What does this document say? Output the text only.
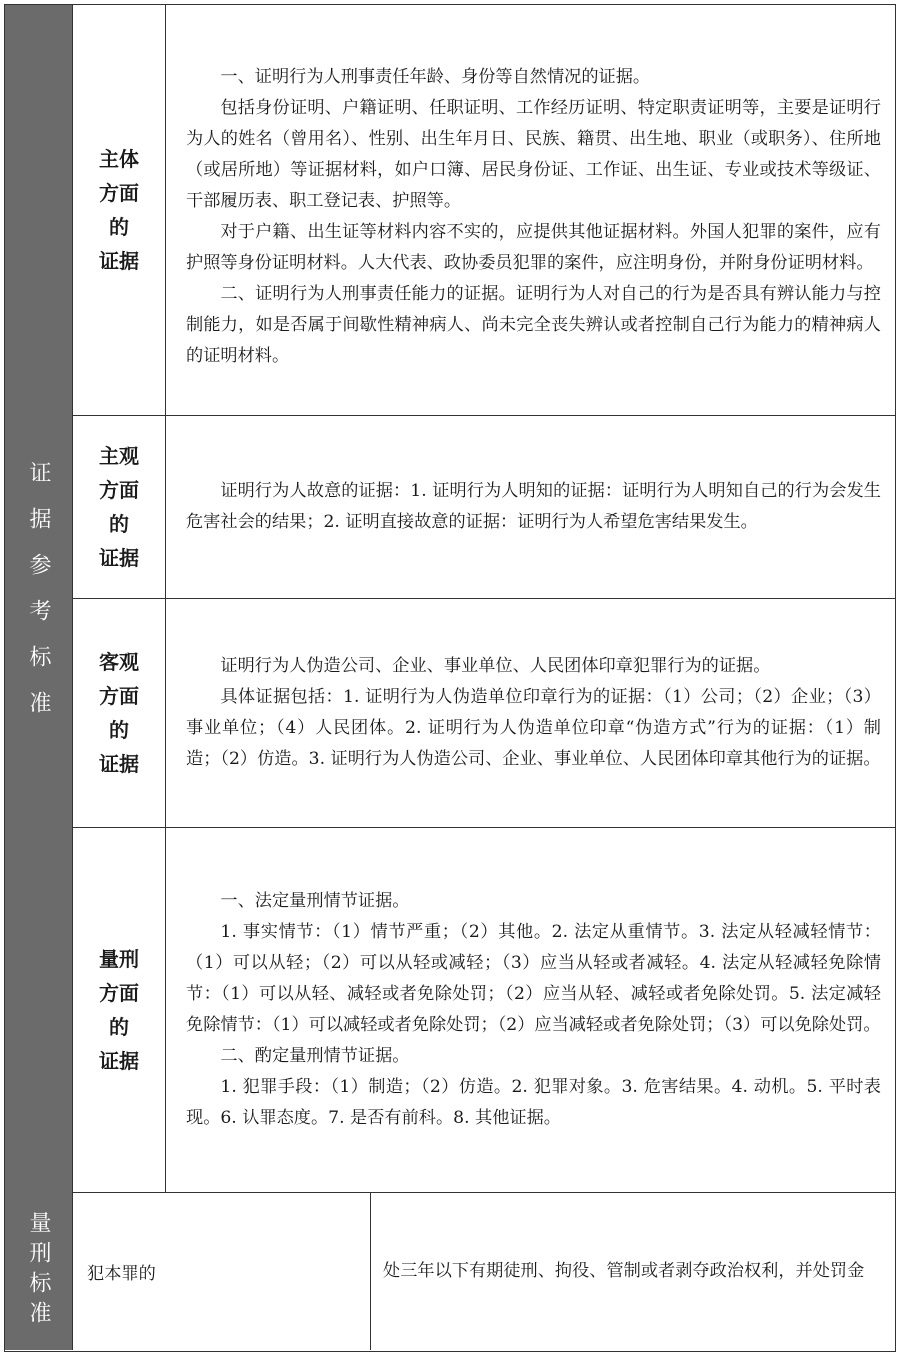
证据参考标准
主体
方面
的
证据

一、证明行为人刑事责任年龄、身份等自然情况的证据。

包括身份证明、户籍证明、任职证明、工作经历证明、特定职责证明等，主要是证明行为人的姓名（曾用名）、性别、出生年月日、民族、籍贯、出生地、职业（或职务）、住所地（或居所地）等证据材料，如户口簿、居民身份证、工作证、出生证、专业或技术等级证、干部履历表、职工登记表、护照等。

对于户籍、出生证等材料内容不实的，应提供其他证据材料。外国人犯罪的案件，应有护照等身份证明材料。人大代表、政协委员犯罪的案件，应注明身份，并附身份证明材料。

二、证明行为人刑事责任能力的证据。证明行为人对自己的行为是否具有辨认能力与控制能力，如是否属于间歇性精神病人、尚未完全丧失辨认或者控制自己行为能力的精神病人的证明材料。

主观
方面
的
证据

证明行为人故意的证据：1. 证明行为人明知的证据：证明行为人明知自己的行为会发生危害社会的结果；2. 证明直接故意的证据：证明行为人希望危害结果发生。

客观
方面
的
证据

证明行为人伪造公司、企业、事业单位、人民团体印章犯罪行为的证据。

具体证据包括：1. 证明行为人伪造单位印章行为的证据：（1）公司；（2）企业；（3）事业单位；（4）人民团体。2. 证明行为人伪造单位印章“伪造方式”行为的证据：（1）制造；（2）仿造。3. 证明行为人伪造公司、企业、事业单位、人民团体印章其他行为的证据。

量刑
方面
的
证据

一、法定量刑情节证据。

1. 事实情节：（1）情节严重；（2）其他。2. 法定从重情节。3. 法定从轻减轻情节：（1）可以从轻；（2）可以从轻或减轻；（3）应当从轻或者减轻。4. 法定从轻减轻免除情节：（1）可以从轻、减轻或者免除处罚；（2）应当从轻、减轻或者免除处罚。5. 法定减轻免除情节：（1）可以减轻或者免除处罚；（2）应当减轻或者免除处罚；（3）可以免除处罚。

二、酌定量刑情节证据。

1. 犯罪手段：（1）制造；（2）仿造。2. 犯罪对象。3. 危害结果。4. 动机。5. 平时表现。6. 认罪态度。7. 是否有前科。8. 其他证据。

量刑标准 犯本罪的	处三年以下有期徒刑、拘役、管制或者剥夺政治权利，并处罚金
